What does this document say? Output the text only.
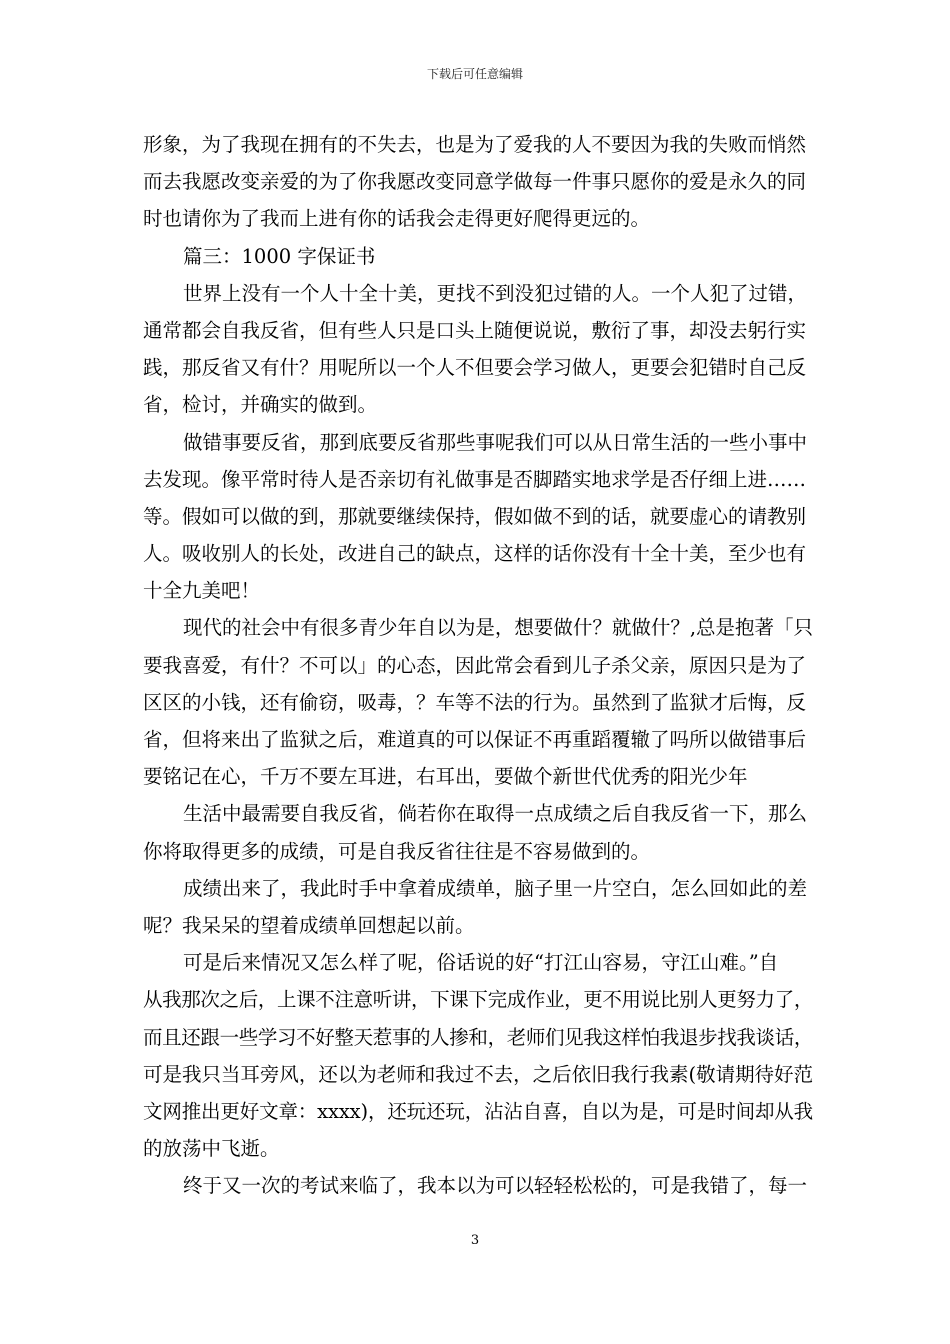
下载后可任意编辑
形象，为了我现在拥有的不失去，也是为了爱我的人不要因为我的失败而悄然
而去我愿改变亲爱的为了你我愿改变同意学做每一件事只愿你的爱是永久的同
时也请你为了我而上进有你的话我会走得更好爬得更远的。
篇三：1000 字保证书
世界上没有一个人十全十美，更找不到没犯过错的人。一个人犯了过错，
通常都会自我反省，但有些人只是口头上随便说说，敷衍了事，却没去躬行实
践，那反省又有什？用呢所以一个人不但要会学习做人，更要会犯错时自己反
省，检讨，并确实的做到。
做错事要反省，那到底要反省那些事呢我们可以从日常生活的一些小事中
去发现。像平常时待人是否亲切有礼做事是否脚踏实地求学是否仔细上进……
等。假如可以做的到，那就要继续保持，假如做不到的话，就要虚心的请教别
人。吸收别人的长处，改进自己的缺点，这样的话你没有十全十美，至少也有
十全九美吧！
现代的社会中有很多青少年自以为是，想要做什？就做什？,总是抱著「只
要我喜爱，有什？不可以」的心态，因此常会看到儿子杀父亲，原因只是为了
区区的小钱，还有偷窃，吸毒，？车等不法的行为。虽然到了监狱才后悔，反
省，但将来出了监狱之后，难道真的可以保证不再重蹈覆辙了吗所以做错事后
要铭记在心，千万不要左耳进，右耳出，要做个新世代优秀的阳光少年
生活中最需要自我反省，倘若你在取得一点成绩之后自我反省一下，那么
你将取得更多的成绩，可是自我反省往往是不容易做到的。
成绩出来了，我此时手中拿着成绩单，脑子里一片空白，怎么回如此的差
呢？我呆呆的望着成绩单回想起以前。
可是后来情况又怎么样了呢，俗话说的好“打江山容易，守江山难。”自
从我那次之后，上课不注意听讲，下课下完成作业，更不用说比别人更努力了，
而且还跟一些学习不好整天惹事的人掺和，老师们见我这样怕我退步找我谈话，
可是我只当耳旁风，还以为老师和我过不去，之后依旧我行我素(敬请期待好范
文网推出更好文章：xxxx)，还玩还玩，沾沾自喜，自以为是，可是时间却从我
的放荡中飞逝。
终于又一次的考试来临了，我本以为可以轻轻松松的，可是我错了，每一
3
